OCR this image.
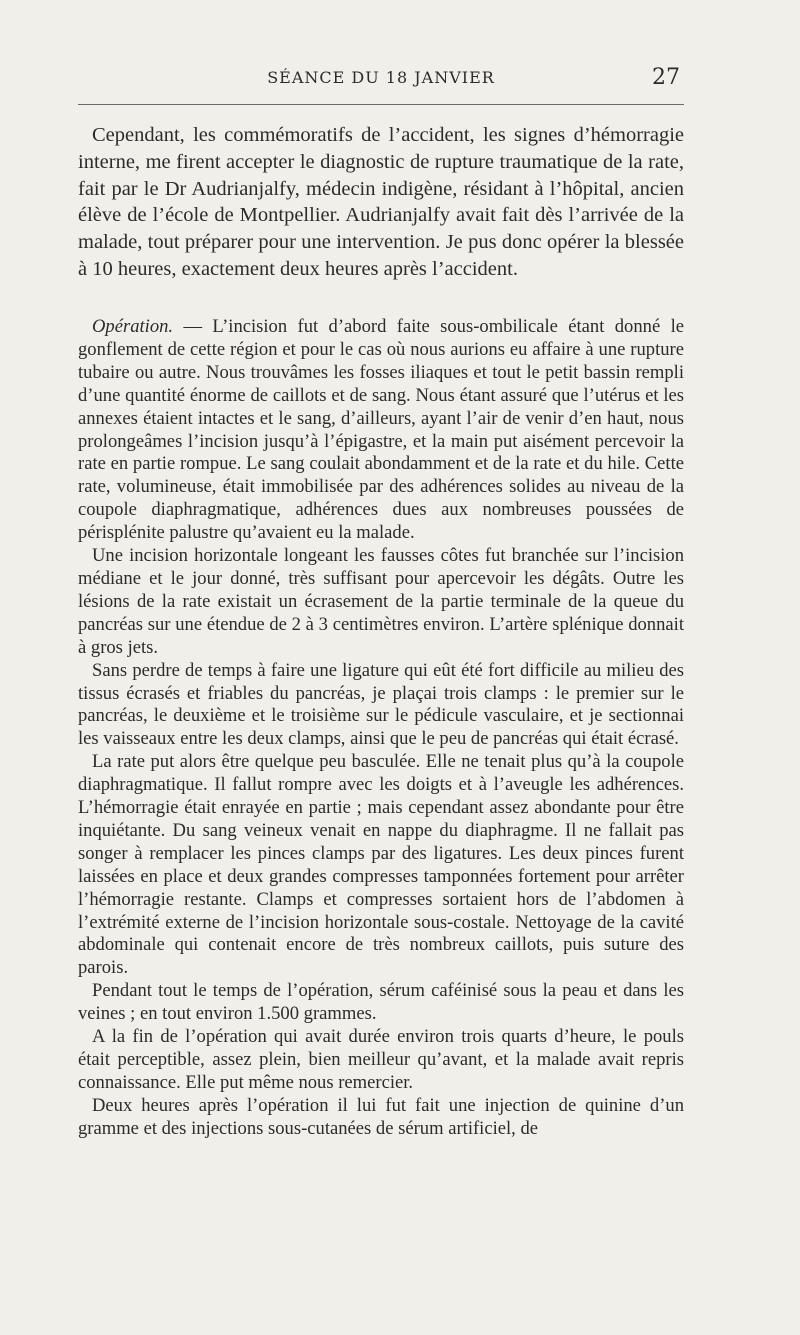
SÉANCE DU 18 JANVIER	27

Cependant, les commémoratifs de l’accident, les signes d’hémorragie interne, me firent accepter le diagnostic de rupture traumatique de la rate, fait par le Dr Audrianjalfy, médecin indigène, résidant à l’hôpital, ancien élève de l’école de Montpellier. Audrianjalfy avait fait dès l’arrivée de la malade, tout préparer pour une intervention. Je pus donc opérer la blessée à 10 heures, exactement deux heures après l’accident.

Opération. — L’incision fut d’abord faite sous-ombilicale étant donné le gonflement de cette région et pour le cas où nous aurions eu affaire à une rupture tubaire ou autre. Nous trouvâmes les fosses iliaques et tout le petit bassin rempli d’une quantité énorme de caillots et de sang. Nous étant assuré que l’utérus et les annexes étaient intactes et le sang, d’ailleurs, ayant l’air de venir d’en haut, nous prolongeâmes l’incision jusqu’à l’épigastre, et la main put aisément percevoir la rate en partie rompue. Le sang coulait abondamment et de la rate et du hile. Cette rate, volumineuse, était immobilisée par des adhérences solides au niveau de la coupole diaphragmatique, adhérences dues aux nombreuses poussées de périsplénite palustre qu’avaient eu la malade.

Une incision horizontale longeant les fausses côtes fut branchée sur l’incision médiane et le jour donné, très suffisant pour apercevoir les dégâts. Outre les lésions de la rate existait un écrasement de la partie terminale de la queue du pancréas sur une étendue de 2 à 3 centimètres environ. L’artère splénique donnait à gros jets.

Sans perdre de temps à faire une ligature qui eût été fort difficile au milieu des tissus écrasés et friables du pancréas, je plaçai trois clamps : le premier sur le pancréas, le deuxième et le troisième sur le pédicule vasculaire, et je sectionnai les vaisseaux entre les deux clamps, ainsi que le peu de pancréas qui était écrasé.

La rate put alors être quelque peu basculée. Elle ne tenait plus qu’à la coupole diaphragmatique. Il fallut rompre avec les doigts et à l’aveugle les adhérences. L’hémorragie était enrayée en partie ; mais cependant assez abondante pour être inquiétante. Du sang veineux venait en nappe du diaphragme. Il ne fallait pas songer à remplacer les pinces clamps par des ligatures. Les deux pinces furent laissées en place et deux grandes compresses tamponnées fortement pour arrêter l’hémorragie restante. Clamps et compresses sortaient hors de l’abdomen à l’extrémité externe de l’incision horizontale sous-costale. Nettoyage de la cavité abdominale qui contenait encore de très nombreux caillots, puis suture des parois.

Pendant tout le temps de l’opération, sérum caféinisé sous la peau et dans les veines ; en tout environ 1.500 grammes.

A la fin de l’opération qui avait durée environ trois quarts d’heure, le pouls était perceptible, assez plein, bien meilleur qu’avant, et la malade avait repris connaissance. Elle put même nous remercier.

Deux heures après l’opération il lui fut fait une injection de quinine d’un gramme et des injections sous-cutanées de sérum artificiel, de
